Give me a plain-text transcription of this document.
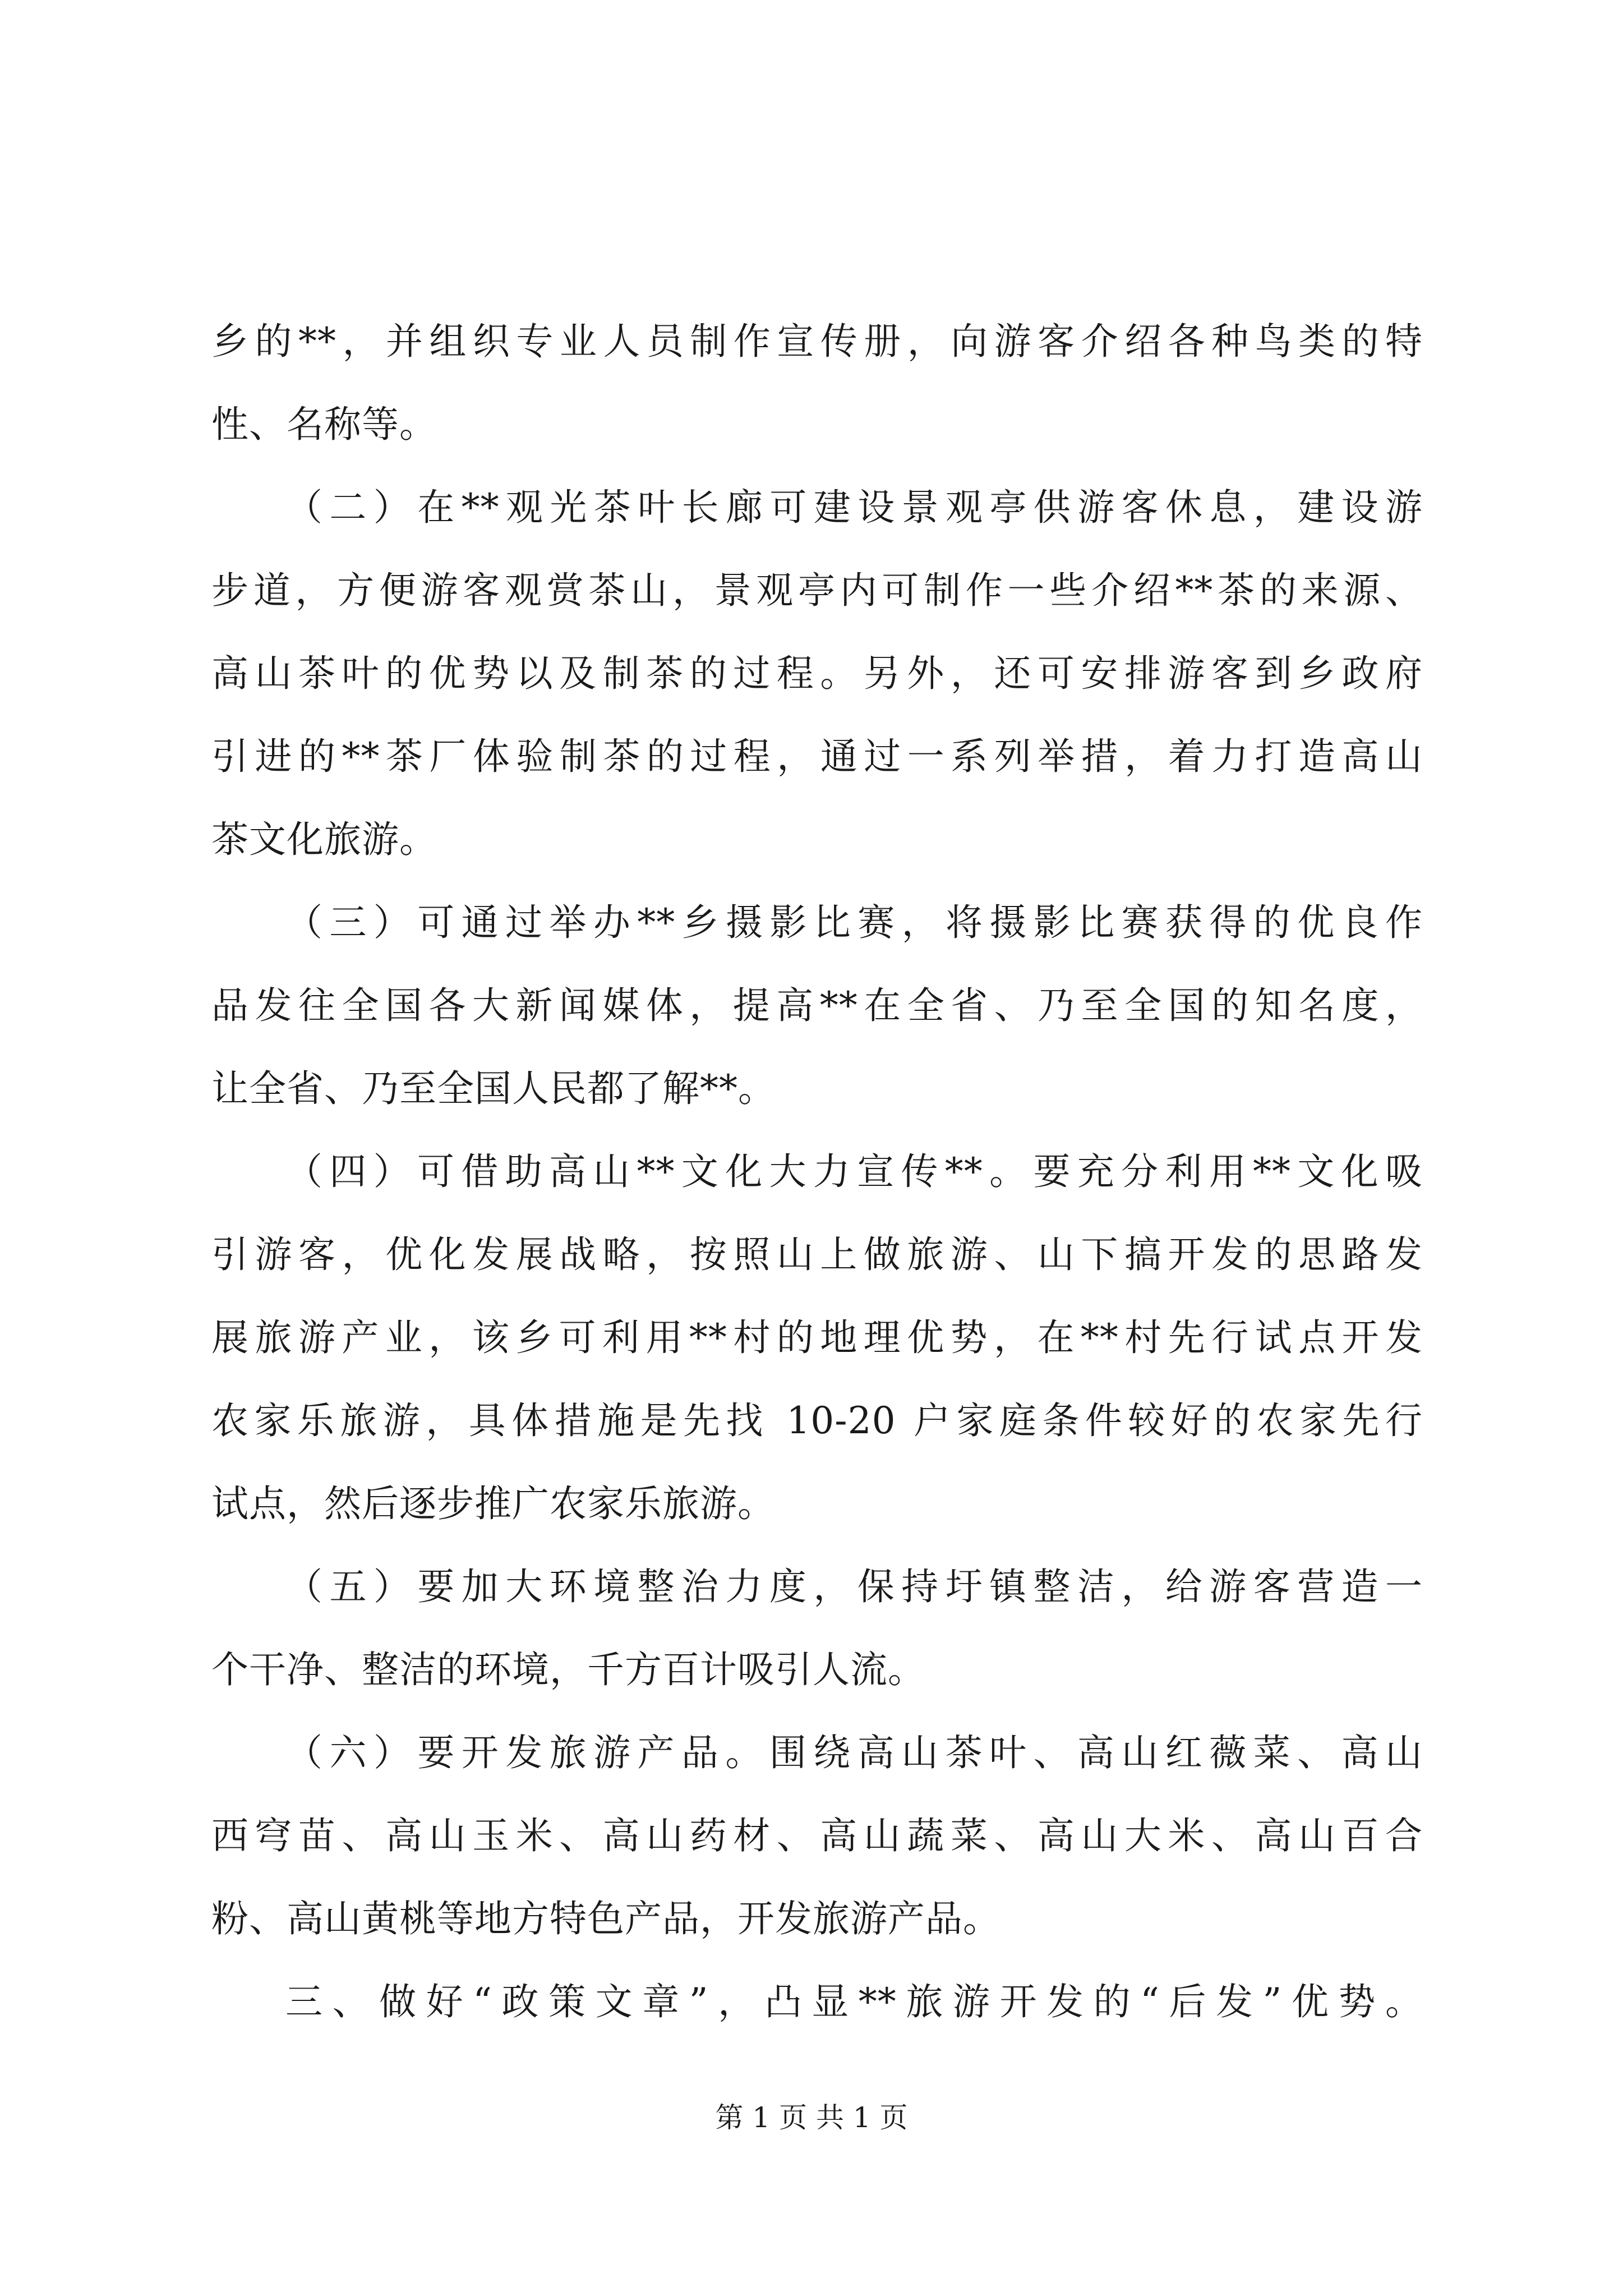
乡的**，并组织专业人员制作宣传册，向游客介绍各种鸟类的特
性、名称等。
（二）在**观光茶叶长廊可建设景观亭供游客休息，建设游
步道，方便游客观赏茶山，景观亭内可制作一些介绍**茶的来源、
高山茶叶的优势以及制茶的过程。另外，还可安排游客到乡政府
引进的**茶厂体验制茶的过程，通过一系列举措，着力打造高山
茶文化旅游。
（三）可通过举办**乡摄影比赛，将摄影比赛获得的优良作
品发往全国各大新闻媒体，提高**在全省、乃至全国的知名度，
让全省、乃至全国人民都了解**。
（四）可借助高山**文化大力宣传**。要充分利用**文化吸
引游客，优化发展战略，按照山上做旅游、山下搞开发的思路发
展旅游产业，该乡可利用**村的地理优势，在**村先行试点开发
农家乐旅游，具体措施是先找 10-20 户家庭条件较好的农家先行
试点，然后逐步推广农家乐旅游。
（五）要加大环境整治力度，保持圩镇整洁，给游客营造一
个干净、整洁的环境，千方百计吸引人流。
（六）要开发旅游产品。围绕高山茶叶、高山红薇菜、高山
西穹苗、高山玉米、高山药材、高山蔬菜、高山大米、高山百合
粉、高山黄桃等地方特色产品，开发旅游产品。
三、做好“政策文章”，凸显**旅游开发的“后发”优势。
第 1 页 共 1 页
